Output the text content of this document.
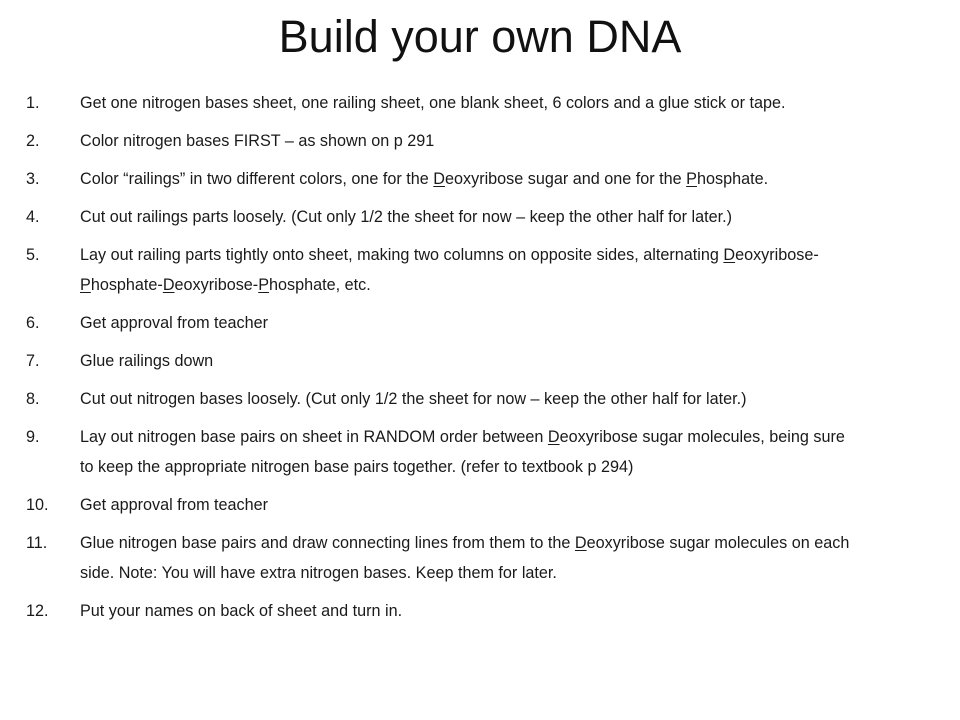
Build your own DNA
1.	Get one nitrogen bases sheet, one railing sheet, one blank sheet, 6 colors and a glue stick or tape.
2.	Color nitrogen bases FIRST – as shown on p 291
3.	Color “railings” in two different colors, one for the Deoxyribose sugar and one for the Phosphate.
4.	Cut out railings parts loosely. (Cut only 1/2 the sheet for now – keep the other half for later.)
5.	Lay out railing parts tightly onto sheet, making two columns on opposite sides, alternating Deoxyribose-Phosphate-Deoxyribose-Phosphate, etc.
6.	Get approval from teacher
7.	Glue railings down
8.	Cut out nitrogen bases loosely. (Cut only 1/2 the sheet for now – keep the other half for later.)
9.	Lay out nitrogen base pairs on sheet in RANDOM order between Deoxyribose sugar molecules, being sure to keep the appropriate nitrogen base pairs together. (refer to textbook p 294)
10.	Get approval from teacher
11.	Glue nitrogen base pairs and draw connecting lines from them to the Deoxyribose sugar molecules on each side. Note: You will have extra nitrogen bases. Keep them for later.
12.	Put your names on back of sheet and turn in.
